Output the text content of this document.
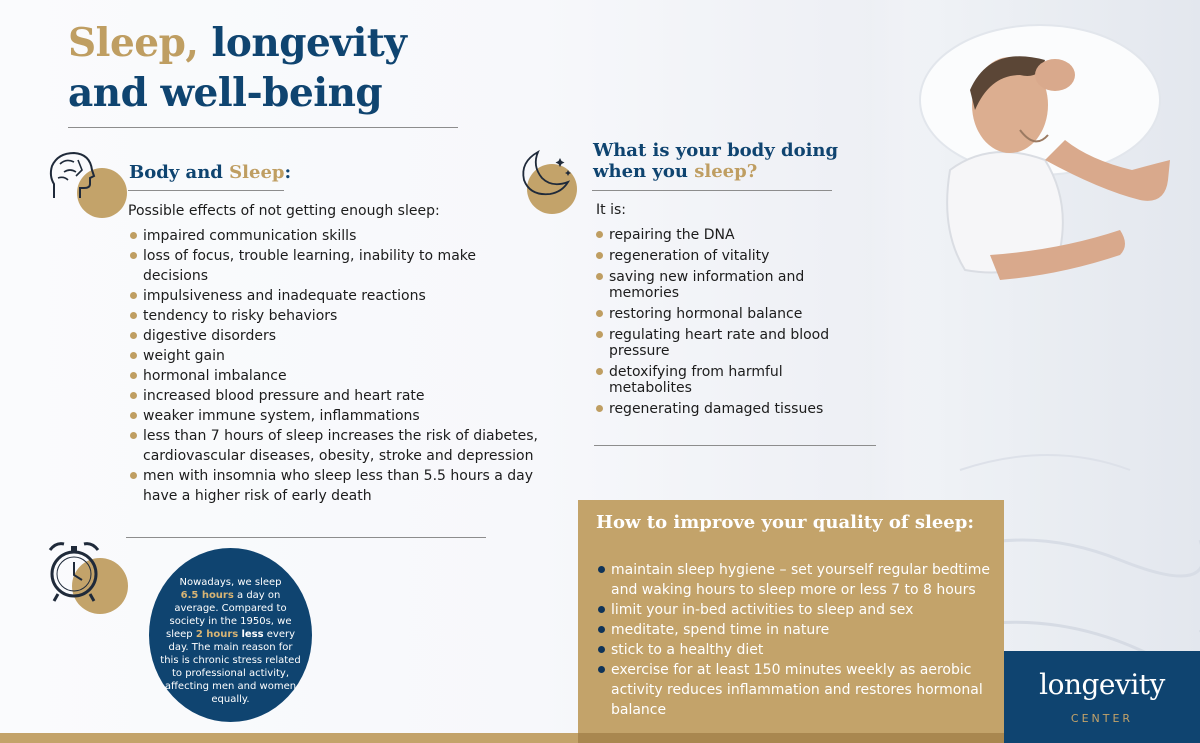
Sleep, longevity
and well-being
Body and Sleep:
Possible effects of not getting enough sleep:
impaired communication skills
loss of focus, trouble learning, inability to make decisions
impulsiveness and inadequate reactions
tendency to risky behaviors
digestive disorders
weight gain
hormonal imbalance
increased blood pressure and heart rate
weaker immune system, inflammations
less than 7 hours of sleep increases the risk of diabetes, cardiovascular diseases, obesity, stroke and depression
men with insomnia who sleep less than 5.5 hours a day have a higher risk of early death
Nowadays, we sleep
6.5 hours a day on average. Compared to society in the 1950s, we sleep 2 hours less every day. The main reason for this is chronic stress related to professional activity, affecting men and women equally.
What is your body doing
when you sleep?
It is:
repairing the DNA
regeneration of vitality
saving new information and memories
restoring hormonal balance
regulating heart rate and blood pressure
detoxifying from harmful metabolites
regenerating damaged tissues
How to improve your quality of sleep:
maintain sleep hygiene – set yourself regular bedtime and waking hours to sleep more or less 7 to 8 hours
limit your in-bed activities to sleep and sex
meditate, spend time in nature
stick to a healthy diet
exercise for at least 150 minutes weekly as aerobic activity reduces inflammation and restores hormonal balance
longevity
CENTER
